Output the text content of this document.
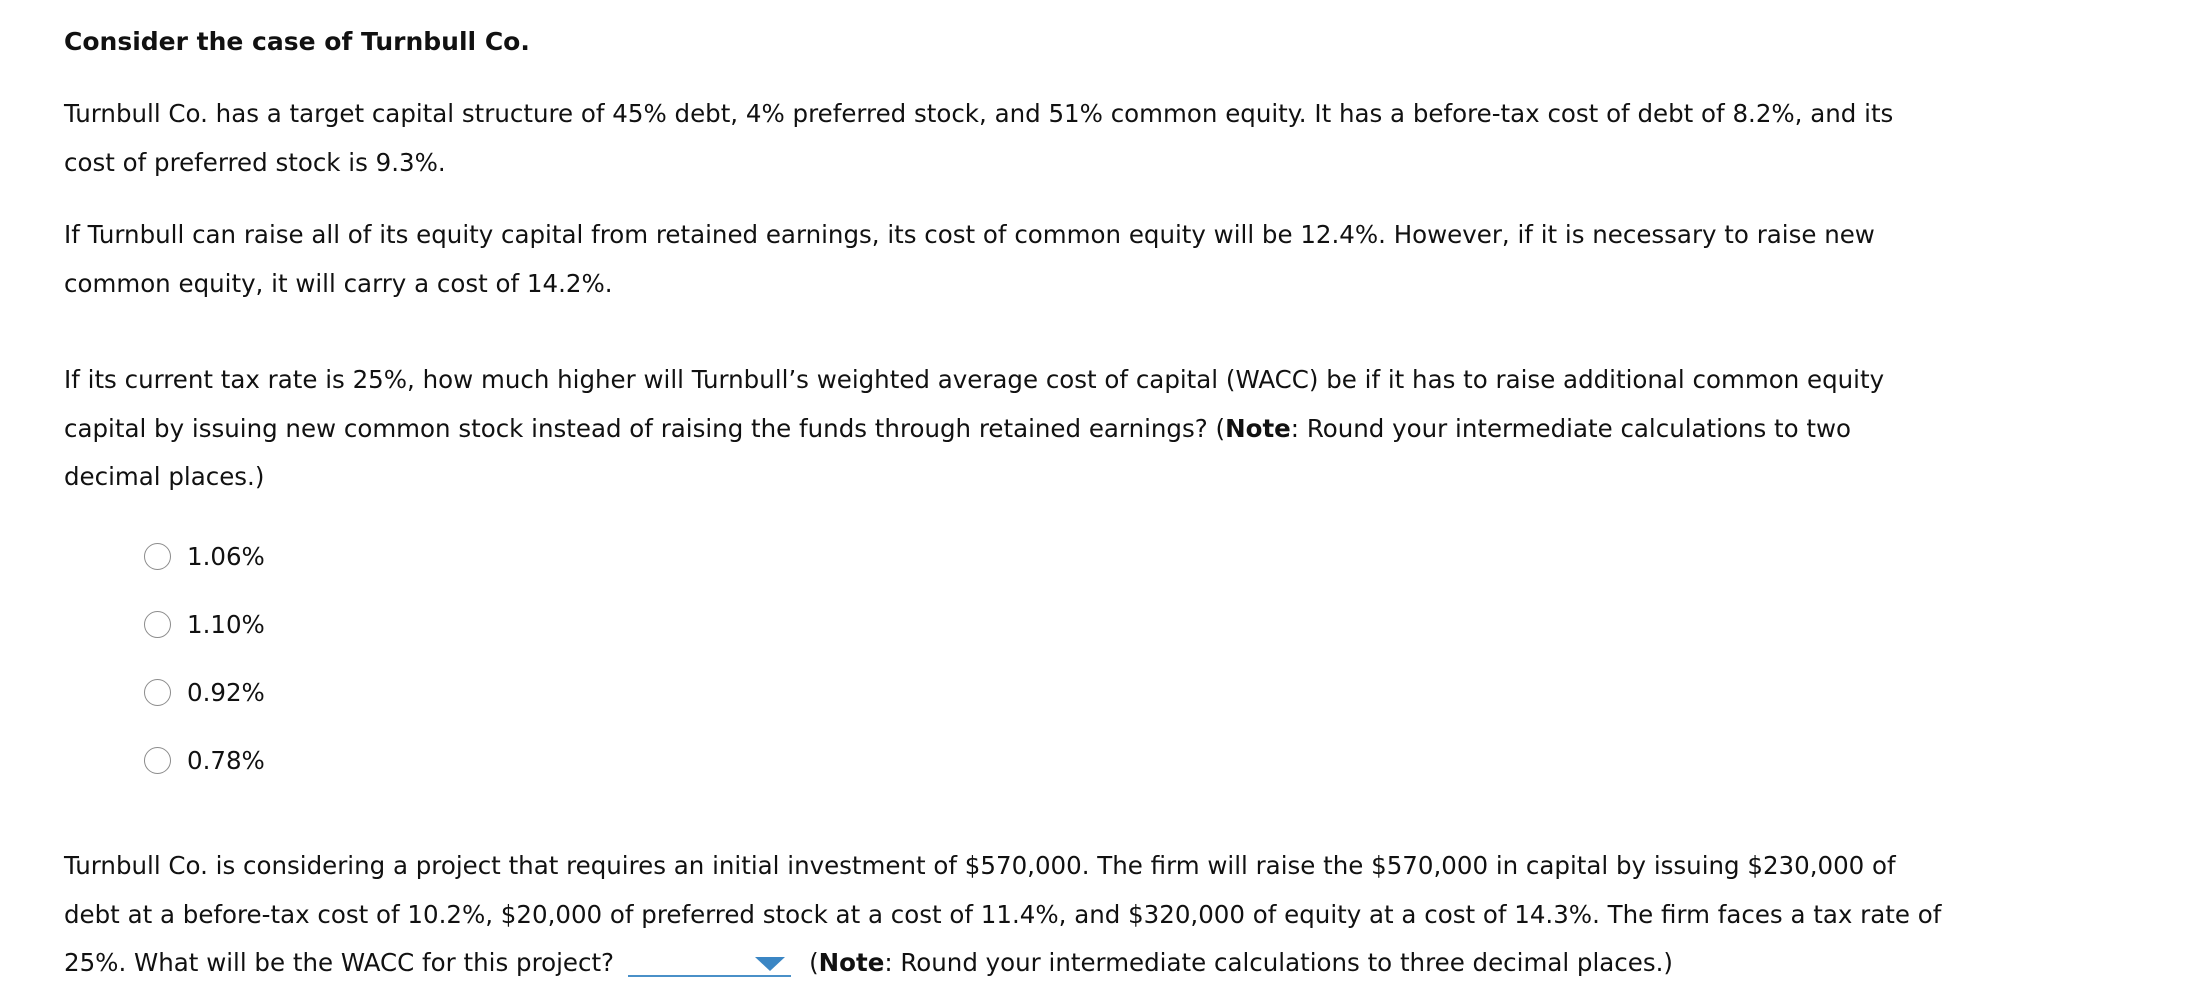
Consider the case of Turnbull Co.

Turnbull Co. has a target capital structure of 45% debt, 4% preferred stock, and 51% common equity. It has a before-tax cost of debt of 8.2%, and its cost of preferred stock is 9.3%.

If Turnbull can raise all of its equity capital from retained earnings, its cost of common equity will be 12.4%. However, if it is necessary to raise new common equity, it will carry a cost of 14.2%.

If its current tax rate is 25%, how much higher will Turnbull’s weighted average cost of capital (WACC) be if it has to raise additional common equity capital by issuing new common stock instead of raising the funds through retained earnings? (Note: Round your intermediate calculations to two decimal places.)

1.06%
1.10%
0.92%
0.78%

Turnbull Co. is considering a project that requires an initial investment of $570,000. The firm will raise the $570,000 in capital by issuing $230,000 of debt at a before-tax cost of 10.2%, $20,000 of preferred stock at a cost of 11.4%, and $320,000 of equity at a cost of 14.3%. The firm faces a tax rate of 25%. What will be the WACC for this project?	(Note: Round your intermediate calculations to three decimal places.)
